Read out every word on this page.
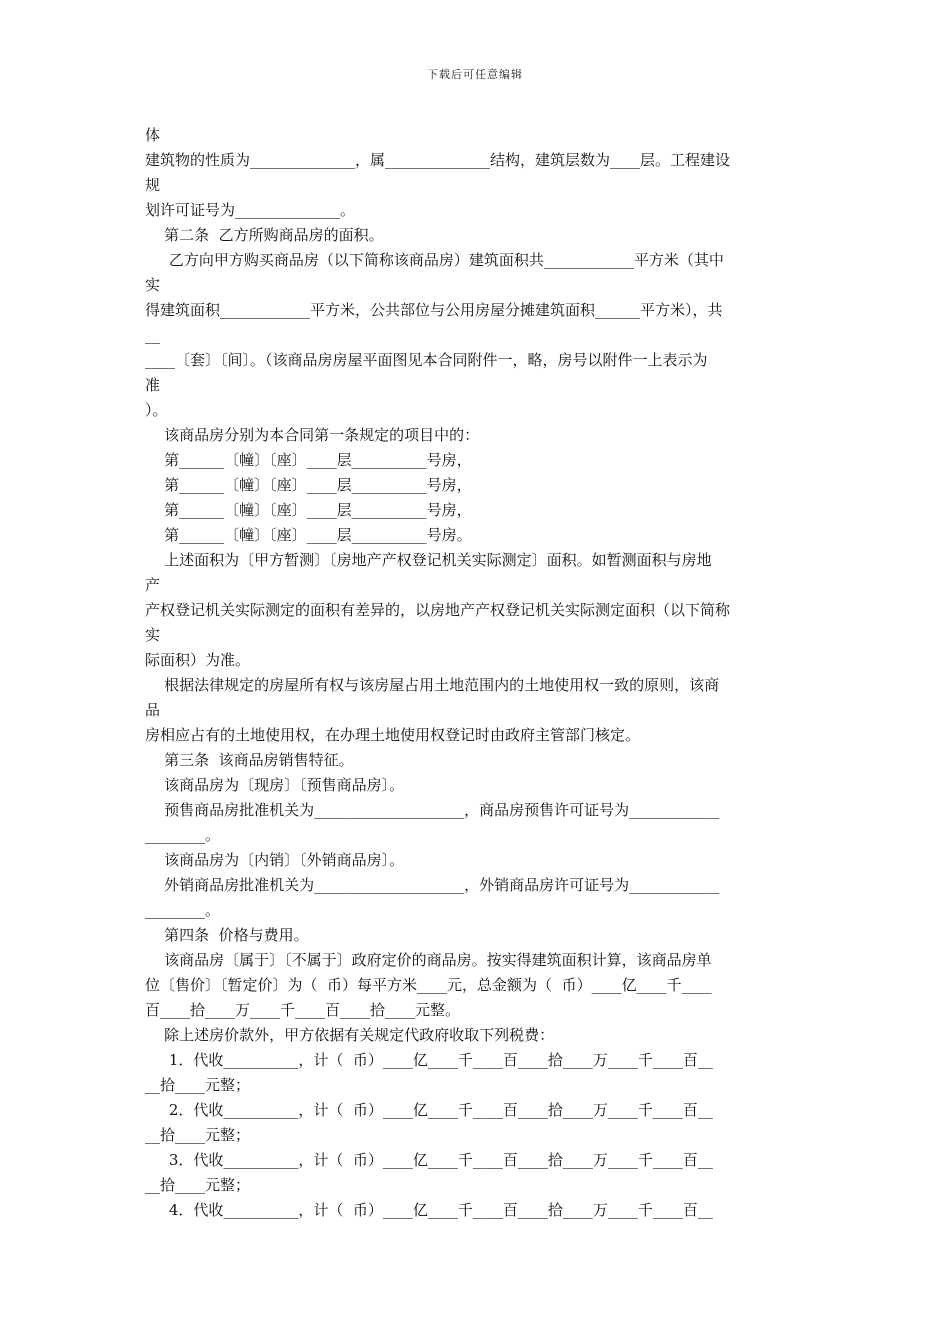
下载后可任意编辑
体
建筑物的性质为______________，属______________结构，建筑层数为____层。工程建设
规
划许可证号为______________。
第二条  乙方所购商品房的面积。
乙方向甲方购买商品房（以下简称该商品房）建筑面积共____________平方米（其中
实
得建筑面积____________平方米，公共部位与公用房屋分摊建筑面积______平方米），共
__
____〔套〕〔间〕。（该商品房房屋平面图见本合同附件一，略，房号以附件一上表示为
准
）。
该商品房分别为本合同第一条规定的项目中的：
第______〔幢〕〔座〕____层__________号房，
第______〔幢〕〔座〕____层__________号房，
第______〔幢〕〔座〕____层__________号房，
第______〔幢〕〔座〕____层__________号房。
上述面积为〔甲方暂测〕〔房地产产权登记机关实际测定〕面积。如暂测面积与房地
产
产权登记机关实际测定的面积有差异的，以房地产产权登记机关实际测定面积（以下简称
实
际面积）为准。
根据法律规定的房屋所有权与该房屋占用土地范围内的土地使用权一致的原则，该商
品
房相应占有的土地使用权，在办理土地使用权登记时由政府主管部门核定。
第三条  该商品房销售特征。
该商品房为〔现房〕〔预售商品房〕。
预售商品房批准机关为____________________，商品房预售许可证号为____________
________。
该商品房为〔内销〕〔外销商品房〕。
外销商品房批准机关为____________________，外销商品房许可证号为____________
________。
第四条  价格与费用。
该商品房〔属于〕〔不属于〕政府定价的商品房。按实得建筑面积计算，该商品房单
位〔售价〕〔暂定价〕为（  币）每平方米____元，总金额为（  币）____亿____千____
百____拾____万____千____百____拾____元整。
除上述房价款外，甲方依据有关规定代政府收取下列税费：
1．代收__________，计（  币）____亿____千____百____拾____万____千____百__
__拾____元整；
2．代收__________，计（  币）____亿____千____百____拾____万____千____百__
__拾____元整；
3．代收__________，计（  币）____亿____千____百____拾____万____千____百__
__拾____元整；
4．代收__________，计（  币）____亿____千____百____拾____万____千____百__
